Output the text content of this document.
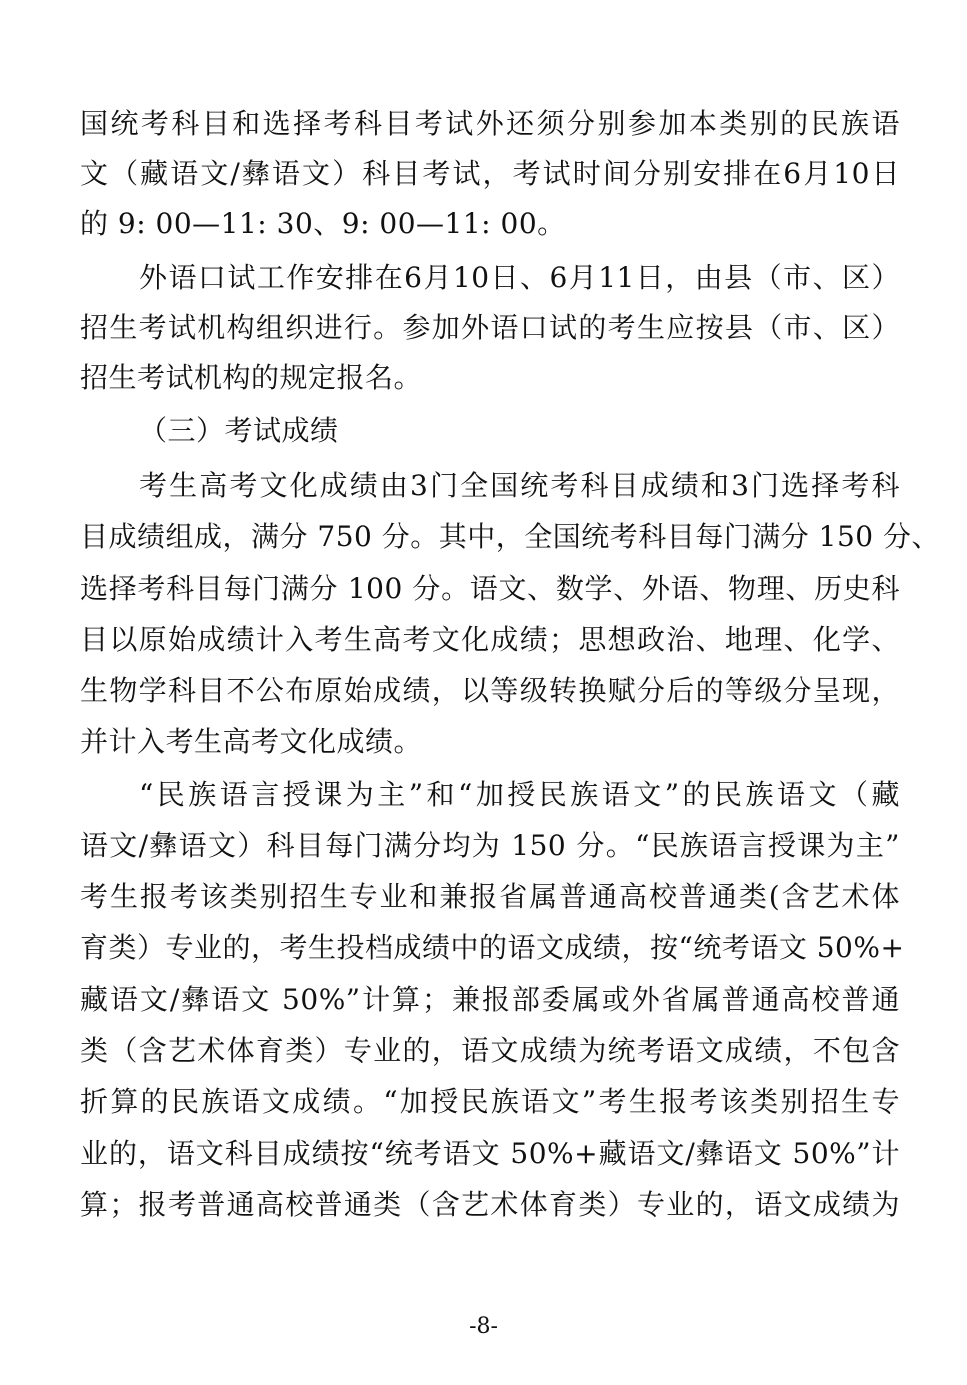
国统考科目和选择考科目考试外还须分别参加本类别的民族语
文（藏语文/彝语文）科目考试，考试时间分别安排在6月10日
的 9: 00—11: 30、9: 00—11: 00。
外语口试工作安排在6月10日、6月11日，由县（市、区）
招生考试机构组织进行。参加外语口试的考生应按县（市、区）
招生考试机构的规定报名。
（三）考试成绩
考生高考文化成绩由3门全国统考科目成绩和3门选择考科
目成绩组成，满分 750 分。其中，全国统考科目每门满分 150 分、
选择考科目每门满分 100 分。语文、数学、外语、物理、历史科
目以原始成绩计入考生高考文化成绩；思想政治、地理、化学、
生物学科目不公布原始成绩，以等级转换赋分后的等级分呈现，
并计入考生高考文化成绩。
“民族语言授课为主”和“加授民族语文”的民族语文（藏
语文/彝语文）科目每门满分均为 150 分。“民族语言授课为主”
考生报考该类别招生专业和兼报省属普通高校普通类(含艺术体
育类）专业的，考生投档成绩中的语文成绩，按“统考语文 50%+
藏语文/彝语文 50%”计算；兼报部委属或外省属普通高校普通
类（含艺术体育类）专业的，语文成绩为统考语文成绩，不包含
折算的民族语文成绩。“加授民族语文”考生报考该类别招生专
业的，语文科目成绩按“统考语文 50%+藏语文/彝语文 50%”计
算；报考普通高校普通类（含艺术体育类）专业的，语文成绩为
-8-
